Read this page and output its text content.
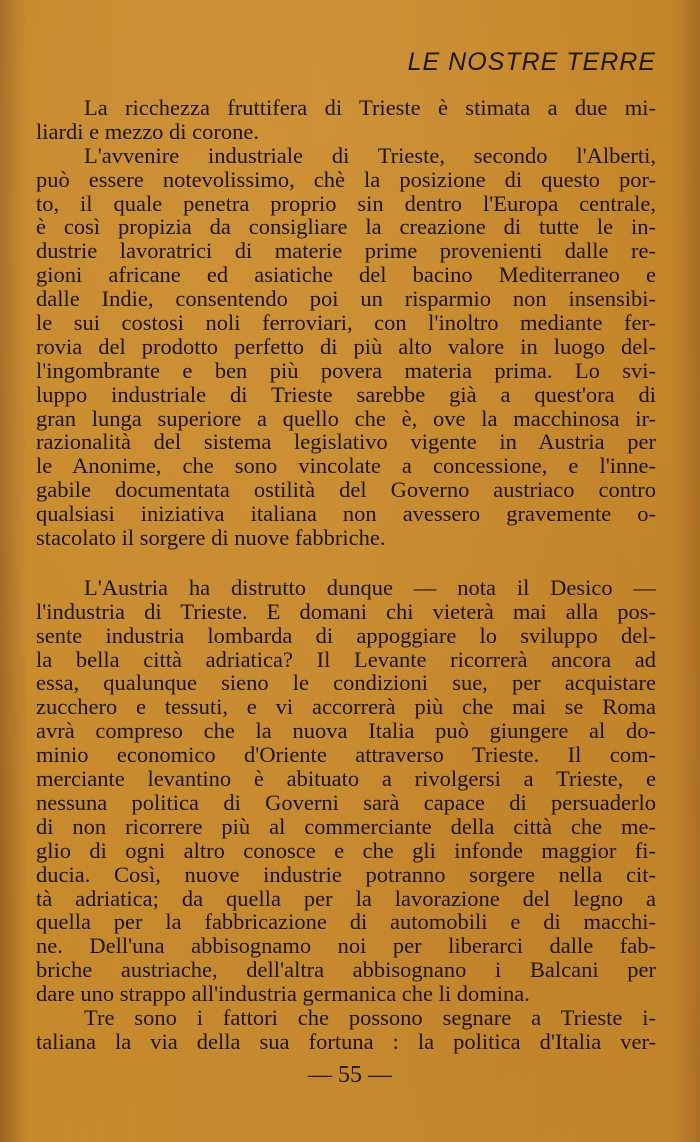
LE NOSTRE TERRE
La ricchezza fruttifera di Trieste è stimata a due mi-
liardi e mezzo di corone.
L'avvenire industriale di Trieste, secondo l'Alberti,
può essere notevolissimo, chè la posizione di questo por-
to, il quale penetra proprio sin dentro l'Europa centrale,
è così propizia da consigliare la creazione di tutte le in-
dustrie lavoratrici di materie prime provenienti dalle re-
gioni africane ed asiatiche del bacino Mediterraneo e
dalle Indie, consentendo poi un risparmio non insensibi-
le sui costosi noli ferroviari, con l'inoltro mediante fer-
rovia del prodotto perfetto di più alto valore in luogo del-
l'ingombrante e ben più povera materia prima. Lo svi-
luppo industriale di Trieste sarebbe già a quest'ora di
gran lunga superiore a quello che è, ove la macchinosa ir-
razionalità del sistema legislativo vigente in Austria per
le Anonime, che sono vincolate a concessione, e l'inne-
gabile documentata ostilità del Governo austriaco contro
qualsiasi iniziativa italiana non avessero gravemente o-
stacolato il sorgere di nuove fabbriche.
L'Austria ha distrutto dunque — nota il Desico —
l'industria di Trieste. E domani chi vieterà mai alla pos-
sente industria lombarda di appoggiare lo sviluppo del-
la bella città adriatica? Il Levante ricorrerà ancora ad
essa, qualunque sieno le condizioni sue, per acquistare
zucchero e tessuti, e vi accorrerà più che mai se Roma
avrà compreso che la nuova Italia può giungere al do-
minio economico d'Oriente attraverso Trieste. Il com-
merciante levantino è abituato a rivolgersi a Trieste, e
nessuna politica di Governi sarà capace di persuaderlo
di non ricorrere più al commerciante della città che me-
glio di ogni altro conosce e che gli infonde maggior fi-
ducia. Così, nuove industrie potranno sorgere nella cit-
tà adriatica; da quella per la lavorazione del legno a
quella per la fabbricazione di automobili e di macchi-
ne. Dell'una abbisognamo noi per liberarci dalle fab-
briche austriache, dell'altra abbisognano i Balcani per
dare uno strappo all'industria germanica che li domina.
Tre sono i fattori che possono segnare a Trieste i-
taliana la via della sua fortuna : la politica d'Italia ver-
— 55 —
